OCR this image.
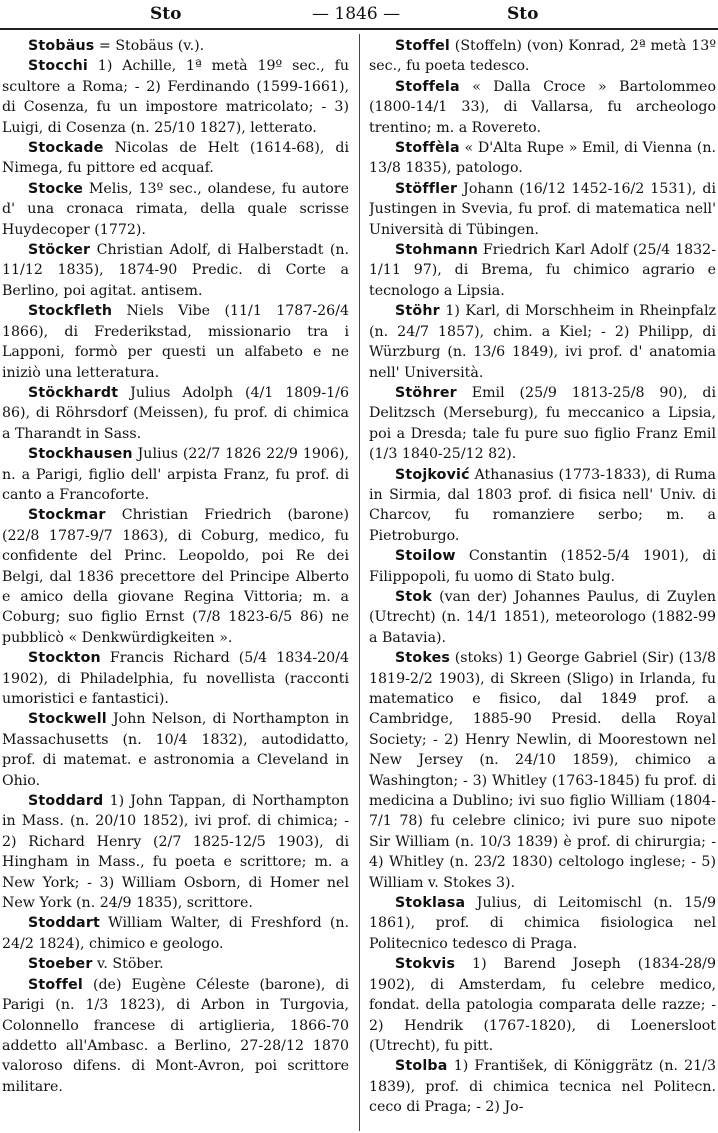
Sto	— 1846 —	Sto

Stobäus = Stobäus (v.).

Stocchi 1) Achille, 1ª metà 19º sec., fu scultore a Roma; - 2) Ferdinando (1599-1661), di Cosenza, fu un impostore matricolato; - 3) Luigi, di Cosenza (n. 25/10 1827), letterato.

Stockade Nicolas de Helt (1614-68), di Nimega, fu pittore ed acquaf.

Stocke Melis, 13º sec., olandese, fu autore d' una cronaca rimata, della quale scrisse Huydecoper (1772).

Stöcker Christian Adolf, di Halberstadt (n. 11/12 1835), 1874-90 Predic. di Corte a Berlino, poi agitat. antisem.

Stockfleth Niels Vibe (11/1 1787-26/4 1866), di Frederikstad, missionario tra i Lapponi, formò per questi un alfabeto e ne iniziò una letteratura.

Stöckhardt Julius Adolph (4/1 1809-1/6 86), di Röhrsdorf (Meissen), fu prof. di chimica a Tharandt in Sass.

Stockhausen Julius (22/7 1826 22/9 1906), n. a Parigi, figlio dell' arpista Franz, fu prof. di canto a Francoforte.

Stockmar Christian Friedrich (barone) (22/8 1787-9/7 1863), di Coburg, medico, fu confidente del Princ. Leopoldo, poi Re dei Belgi, dal 1836 precettore del Principe Alberto e amico della giovane Regina Vittoria; m. a Coburg; suo figlio Ernst (7/8 1823-6/5 86) ne pubblicò « Denkwürdigkeiten ».

Stockton Francis Richard (5/4 1834-20/4 1902), di Philadelphia, fu novellista (racconti umoristici e fantastici).

Stockwell John Nelson, di Northampton in Massachusetts (n. 10/4 1832), autodidatto, prof. di matemat. e astronomia a Cleveland in Ohio.

Stoddard 1) John Tappan, di Northampton in Mass. (n. 20/10 1852), ivi prof. di chimica; - 2) Richard Henry (2/7 1825-12/5 1903), di Hingham in Mass., fu poeta e scrittore; m. a New York; - 3) William Osborn, di Homer nel New York (n. 24/9 1835), scrittore.

Stoddart William Walter, di Freshford (n. 24/2 1824), chimico e geologo.

Stoeber v. Stöber.

Stoffel (de) Eugène Céleste (barone), di Parigi (n. 1/3 1823), di Arbon in Turgovia, Colonnello francese di artiglieria, 1866-70 addetto all'Ambasc. a Berlino, 27-28/12 1870 valoroso difens. di Mont-Avron, poi scrittore militare.

Stoffel (Stoffeln) (von) Konrad, 2ª metà 13º sec., fu poeta tedesco.

Stoffela « Dalla Croce » Bartolommeo (1800-14/1 33), di Vallarsa, fu archeologo trentino; m. a Rovereto.

Stoffèla « D'Alta Rupe » Emil, di Vienna (n. 13/8 1835), patologo.

Stöffler Johann (16/12 1452-16/2 1531), di Justingen in Svevia, fu prof. di matematica nell' Università di Tübingen.

Stohmann Friedrich Karl Adolf (25/4 1832-1/11 97), di Brema, fu chimico agrario e tecnologo a Lipsia.

Stöhr 1) Karl, di Morschheim in Rheinpfalz (n. 24/7 1857), chim. a Kiel; - 2) Philipp, di Würzburg (n. 13/6 1849), ivi prof. d' anatomia nell' Università.

Stöhrer Emil (25/9 1813-25/8 90), di Delitzsch (Merseburg), fu meccanico a Lipsia, poi a Dresda; tale fu pure suo figlio Franz Emil (1/3 1840-25/12 82).

Stojković Athanasius (1773-1833), di Ruma in Sirmia, dal 1803 prof. di fisica nell' Univ. di Charcov, fu romanziere serbo; m. a Pietroburgo.

Stoilow Constantin (1852-5/4 1901), di Filippopoli, fu uomo di Stato bulg.

Stok (van der) Johannes Paulus, di Zuylen (Utrecht) (n. 14/1 1851), meteorologo (1882-99 a Batavia).

Stokes (stoks) 1) George Gabriel (Sir) (13/8 1819-2/2 1903), di Skreen (Sligo) in Irlanda, fu matematico e fisico, dal 1849 prof. a Cambridge, 1885-90 Presid. della Royal Society; - 2) Henry Newlin, di Moorestown nel New Jersey (n. 24/10 1859), chimico a Washington; - 3) Whitley (1763-1845) fu prof. di medicina a Dublino; ivi suo figlio William (1804-7/1 78) fu celebre clinico; ivi pure suo nipote Sir William (n. 10/3 1839) è prof. di chirurgia; - 4) Whitley (n. 23/2 1830) celtologo inglese; - 5) William v. Stokes 3).

Stoklasa Julius, di Leitomischl (n. 15/9 1861), prof. di chimica fisiologica nel Politecnico tedesco di Praga.

Stokvis 1) Barend Joseph (1834-28/9 1902), di Amsterdam, fu celebre medico, fondat. della patologia comparata delle razze; - 2) Hendrik (1767-1820), di Loenersloot (Utrecht), fu pitt.

Stolba 1) František, di Königgrätz (n. 21/3 1839), prof. di chimica tecnica nel Politecn. ceco di Praga; - 2) Jo-
